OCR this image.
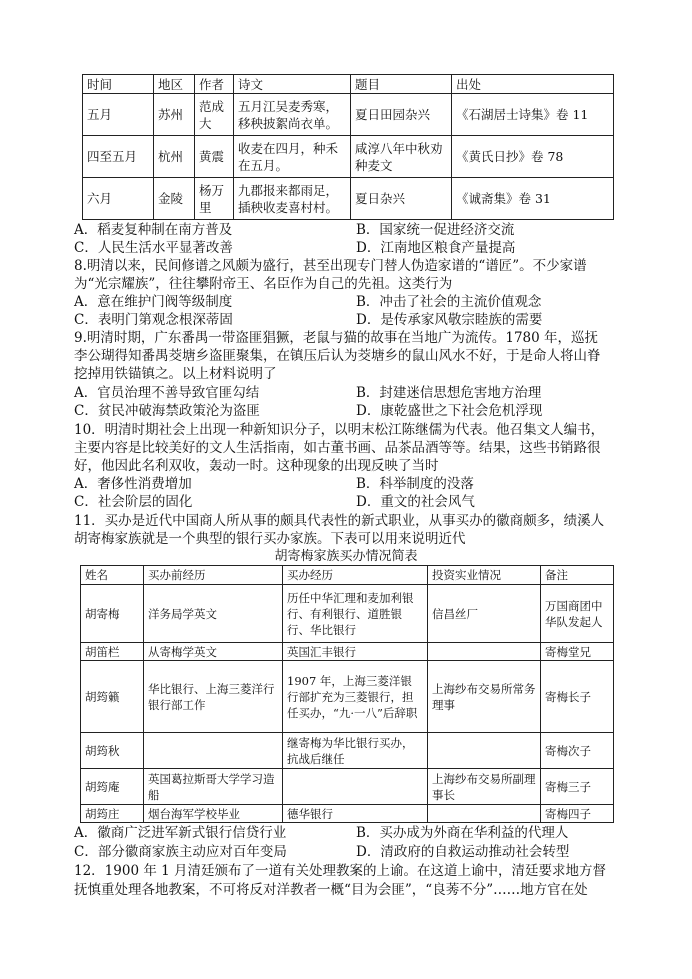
时间	地区	作者	诗文	题目	出处
五月	苏州	范成大	五月江吴麦秀寒，移秧披絮尚衣单。	夏日田园杂兴	《石湖居士诗集》卷 11
四至五月	杭州	黄震	收麦在四月，种禾在五月。	咸淳八年中秋劝种麦文	《黄氏日抄》卷 78
六月	金陵	杨万里	九郡报来都雨足，插秧收麦喜村村。	夏日杂兴	《诚斋集》卷 31
A．稻麦复种制在南方普及	B．国家统一促进经济交流
C．人民生活水平显著改善	D．江南地区粮食产量提高
8.明清以来，民间修谱之风颇为盛行，甚至出现专门替人伪造家谱的“谱匠”。不少家谱
为“光宗耀族”，往往攀附帝王、名臣作为自己的先祖。这类行为
A．意在维护门阀等级制度	B．冲击了社会的主流价值观念
C．表明门第观念根深蒂固	D．是传承家风敬宗睦族的需要
9.明清时期，广东番禺一带盗匪猖獗，老鼠与猫的故事在当地广为流传。1780 年，巡抚
李公瑚得知番禺茭塘乡盗匪聚集，在镇压后认为茭塘乡的鼠山风水不好，于是命人将山脊
挖掉用铁锚镇之。以上材料说明了
A．官员治理不善导致官匪勾结	B．封建迷信思想危害地方治理
C．贫民冲破海禁政策沦为盗匪	D．康乾盛世之下社会危机浮现
10．明清时期社会上出现一种新知识分子，以明末松江陈继儒为代表。他召集文人编书，
主要内容是比较美好的文人生活指南，如古董书画、品茶品酒等等。结果，这些书销路很
好，他因此名利双收，轰动一时。这种现象的出现反映了当时
A．奢侈性消费增加	B．科举制度的没落
C．社会阶层的固化	D．重文的社会风气
11．买办是近代中国商人所从事的颇具代表性的新式职业，从事买办的徽商颇多，绩溪人
胡寄梅家族就是一个典型的银行买办家族。下表可以用来说明近代
胡寄梅家族买办情况简表
姓名	买办前经历	买办经历	投资实业情况	备注
胡寄梅	洋务局学英文	历任中华汇理和麦加利银行、有利银行、道胜银行、华比银行	信昌丝厂	万国商团中华队发起人
胡笛栏	从寄梅学英文	英国汇丰银行		寄梅堂兄
胡筠籁	华比银行、上海三菱洋行银行部工作	1907 年，上海三菱洋银行部扩充为三菱银行，担任买办，“九·一八”后辞职	上海纱布交易所常务理事	寄梅长子
胡筠秋		继寄梅为华比银行买办，抗战后继任		寄梅次子
胡筠庵	英国葛拉斯哥大学学习造船		上海纱布交易所副理事长	寄梅三子
胡筠庄	烟台海军学校毕业	德华银行		寄梅四子
A．徽商广泛进军新式银行信贷行业	B．买办成为外商在华利益的代理人
C．部分徽商家族主动应对百年变局	D．清政府的自救运动推动社会转型
12．1900 年 1 月清廷颁布了一道有关处理教案的上谕。在这道上谕中，清廷要求地方督
抚慎重处理各地教案，不可将反对洋教者一概“目为会匪”，“良莠不分”……地方官在处
